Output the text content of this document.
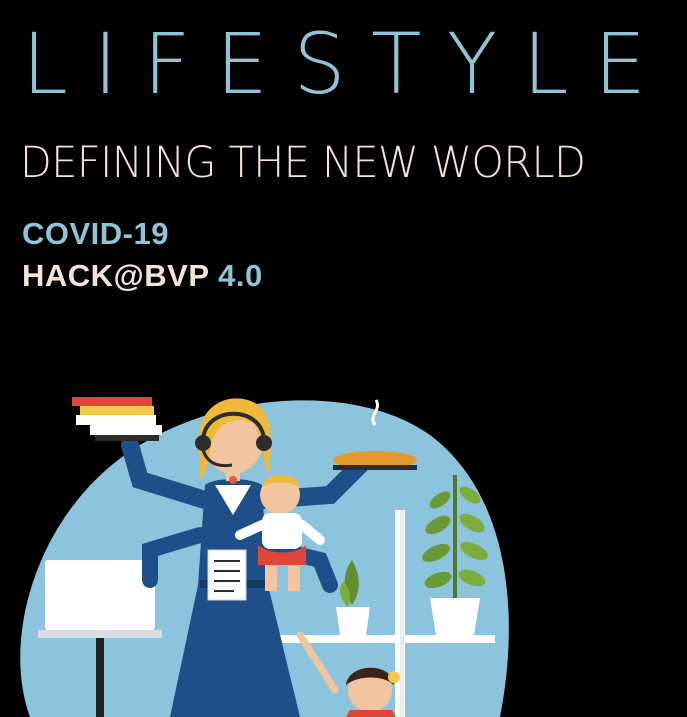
LIFESTYLE
DEFINING THE NEW WORLD
COVID-19
HACK@BVP 4.0
